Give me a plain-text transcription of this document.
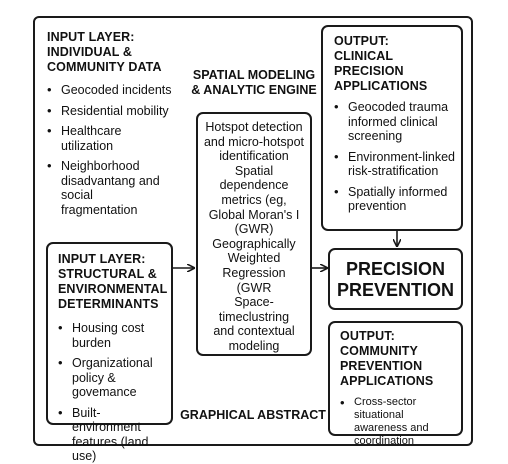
INPUT LAYER:
INDIVIDUAL &
COMMUNITY DATA
• Geocoded incidents
• Residential mobility
• Healthcare utilization
• Neighborhood disadvantang and social fragmentation
INPUT LAYER:
STRUCTURAL &
ENVIRONMENTAL
DETERMINANTS
• Housing cost burden
• Organizational policy & govemance
• Built-environment features (land use)
SPATIAL MODELING
& ANALYTIC ENGINE
Hotspot detection
and micro-hotspot
identification
Spatial dependence
metrics (eg,
Global Moran's I
(GWR)
Geographically
Weighted Regression
(GWR
Space-timeclustring
and contextual
modeling
GRAPHICAL ABSTRACT
OUTPUT:
CLINICAL PRECISION
APPLICATIONS
• Geocoded trauma informed clinical screening
• Environment-linked risk-stratification
• Spatially informed prevention
PRECISION
PREVENTION
OUTPUT:
COMMUNITY
PREVENTION
APPLICATIONS
• Cross-sector situational awareness and coordination
